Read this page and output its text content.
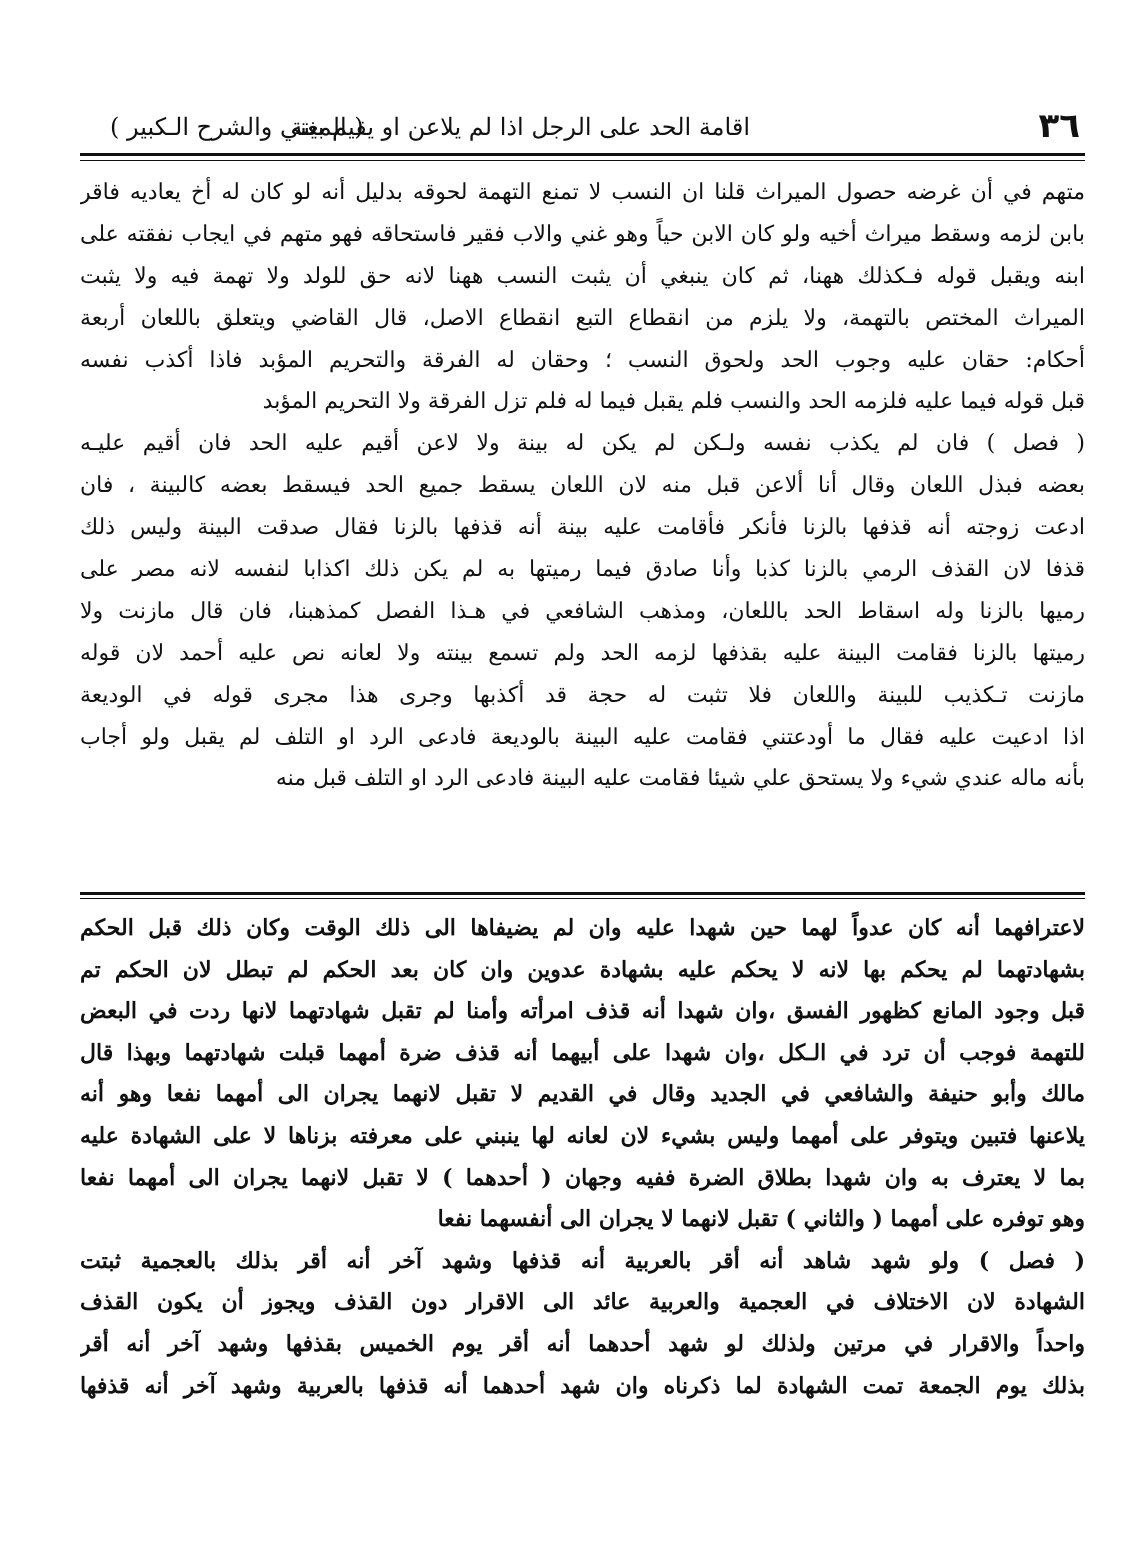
٣٦
اقامة الحد على الرجل اذا لم يلاعن او يقيم بينة
( المغني والشرح الـكبير )
متهم في أن غرضه حصول الميراث قلنا ان النسب لا تمنع التهمة لحوقه بدليل أنه لو كان له أخ يعاديه فاقر
بابن لزمه وسقط ميراث أخيه ولو كان الابن حياً وهو غني والاب فقير فاستحاقه فهو متهم في ايجاب نفقته على
ابنه ويقبل قوله فـكذلك ههنا، ثم كان ينبغي أن يثبت النسب ههنا لانه حق للولد ولا تهمة فيه ولا يثبت
الميراث المختص بالتهمة، ولا يلزم من انقطاع التبع انقطاع الاصل، قال القاضي ويتعلق باللعان أربعة
أحكام: حقان عليه وجوب الحد ولحوق النسب ؛ وحقان له الفرقة والتحريم المؤبد فاذا أكذب نفسه
قبل قوله فيما عليه فلزمه الحد والنسب فلم يقبل فيما له فلم تزل الفرقة ولا التحريم المؤبد
( فصل ) فان لم يكذب نفسه ولـكن لم يكن له بينة ولا لاعن أقيم عليه الحد فان أقيم عليـه
بعضه فبذل اللعان وقال أنا ألاعن قبل منه لان اللعان يسقط جميع الحد فيسقط بعضه كالبينة ، فان
ادعت زوجته أنه قذفها بالزنا فأنكر فأقامت عليه بينة أنه قذفها بالزنا فقال صدقت البينة وليس ذلك
قذفا لان القذف الرمي بالزنا كذبا وأنا صادق فيما رميتها به لم يكن ذلك اكذابا لنفسه لانه مصر على
رميها بالزنا وله اسقاط الحد باللعان، ومذهب الشافعي في هـذا الفصل كمذهبنا، فان قال مازنت ولا
رميتها بالزنا فقامت البينة عليه بقذفها لزمه الحد ولم تسمع بينته ولا لعانه نص عليه أحمد لان قوله
مازنت تـكذيب للبينة واللعان فلا تثبت له حجة قد أكذبها وجرى هذا مجرى قوله في الوديعة
اذا ادعيت عليه فقال ما أودعتني فقامت عليه البينة بالوديعة فادعى الرد او التلف لم يقبل ولو أجاب
بأنه ماله عندي شيء ولا يستحق علي شيئا فقامت عليه البينة فادعى الرد او التلف قبل منه
لاعترافهما أنه كان عدواً لهما حين شهدا عليه وان لم يضيفاها الى ذلك الوقت وكان ذلك قبل الحكم
بشهادتهما لم يحكم بها لانه لا يحكم عليه بشهادة عدوين وان كان بعد الحكم لم تبطل لان الحكم تم
قبل وجود المانع كظهور الفسق ،وان شهدا أنه قذف امرأته وأمنا لم تقبل شهادتهما لانها ردت في البعض
للتهمة فوجب أن ترد في الـكل ،وان شهدا على أبيهما أنه قذف ضرة أمهما قبلت شهادتهما وبهذا قال
مالك وأبو حنيفة والشافعي في الجديد وقال في القديم لا تقبل لانهما يجران الى أمهما نفعا وهو أنه
يلاعنها فتبين ويتوفر على أمهما وليس بشيء لان لعانه لها ينبني على معرفته بزناها لا على الشهادة عليه
بما لا يعترف به وان شهدا بطلاق الضرة ففيه وجهان ( أحدهما ) لا تقبل لانهما يجران الى أمهما نفعا
وهو توفره على أمهما ( والثاني ) تقبل لانهما لا يجران الى أنفسهما نفعا
( فصل ) ولو شهد شاهد أنه أقر بالعربية أنه قذفها وشهد آخر أنه أقر بذلك بالعجمية ثبتت
الشهادة لان الاختلاف في العجمية والعربية عائد الى الاقرار دون القذف ويجوز أن يكون القذف
واحداً والاقرار في مرتين ولذلك لو شهد أحدهما أنه أقر يوم الخميس بقذفها وشهد آخر أنه أقر
بذلك يوم الجمعة تمت الشهادة لما ذكرناه وان شهد أحدهما أنه قذفها بالعربية وشهد آخر أنه قذفها
